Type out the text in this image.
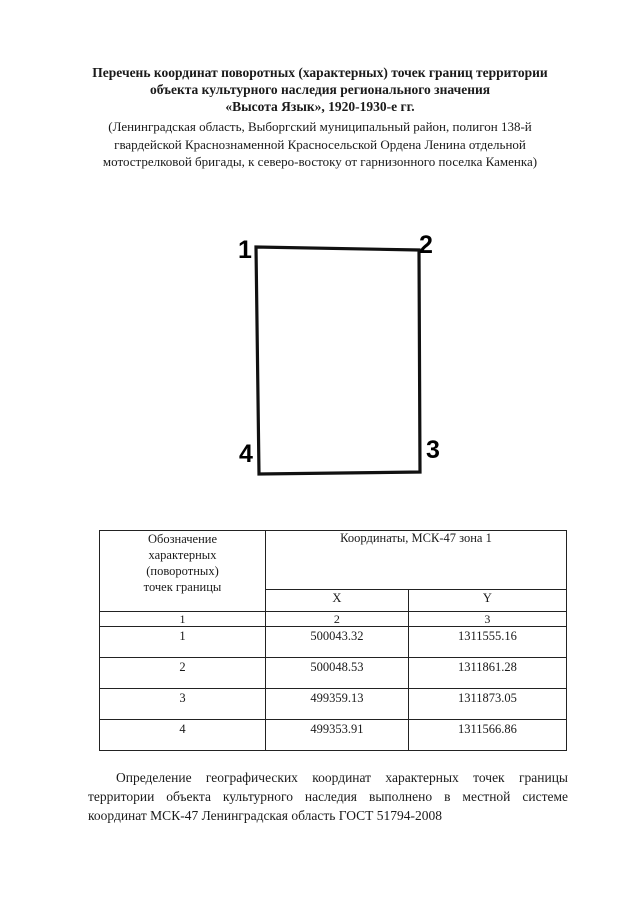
Перечень координат поворотных (характерных) точек границ территории
объекта культурного наследия регионального значения
«Высота Язык», 1920-1930-е гг.
(Ленинградская область, Выборгский муниципальный район, полигон 138-й
гвардейской Краснознаменной Красносельской Ордена Ленина отдельной
мотострелковой бригады, к северо-востоку от гарнизонного поселка Каменка)
1	2
3
4
Обозначение
характерных
(поворотных)
точек границы	Координаты, МСК-47 зона 1	
	X	Y
1	2	3
1	500043.32	1311555.16
2	500048.53	1311861.28
3	499359.13	1311873.05
4	499353.91	1311566.86
Определение географических координат характерных точек границы территории объекта культурного наследия выполнено в местной системе координат МСК-47 Ленинградская область ГОСТ 51794-2008
